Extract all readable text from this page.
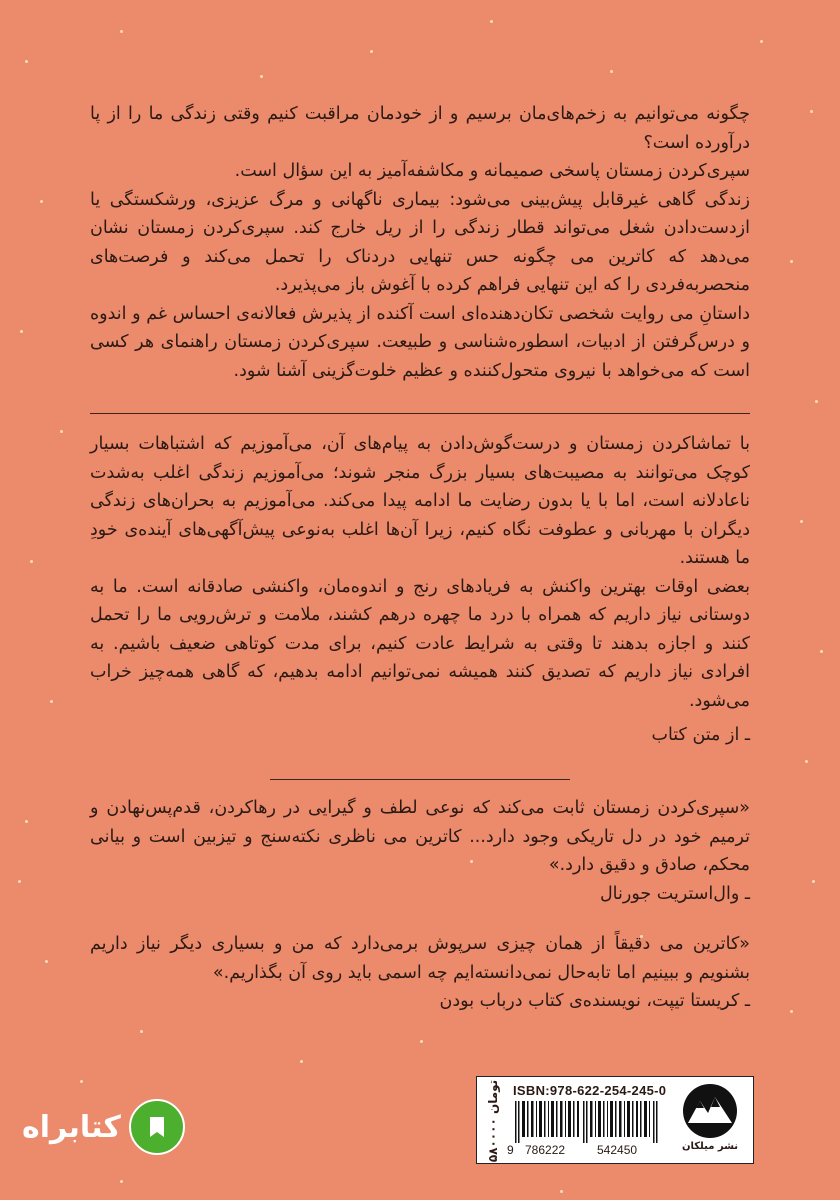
چگونه می‌توانیم به زخم‌های‌مان برسیم و از خودمان مراقبت کنیم وقتی زندگی ما را از پا درآورده است؟

سپری‌کردن زمستان پاسخی صمیمانه و مکاشفه‌آمیز به این سؤال است.

زندگی گاهی غیرقابل پیش‌بینی می‌شود: بیماری ناگهانی و مرگ عزیزی، ورشکستگی یا ازدست‌دادن شغل می‌تواند قطار زندگی را از ریل خارج کند. سپری‌کردن زمستان نشان می‌دهد که کاترین می چگونه حس تنهایی دردناک را تحمل می‌کند و فرصت‌های منحصربه‌فردی را که این تنهایی فراهم کرده با آغوش باز می‌پذیرد.

داستانِ می روایت شخصی تکان‌دهنده‌ای است آکنده از پذیرش فعالانه‌ی احساس غم و اندوه و درس‌گرفتن از ادبیات، اسطوره‌شناسی و طبیعت. سپری‌کردن زمستان راهنمای هر کسی است که می‌خواهد با نیروی متحول‌کننده و عظیم خلوت‌گزینی آشنا شود.

با تماشاکردن زمستان و درست‌گوش‌دادن به پیام‌های آن، می‌آموزیم که اشتباهات بسیار کوچک می‌توانند به مصیبت‌های بسیار بزرگ منجر شوند؛ می‌آموزیم زندگی اغلب به‌شدت ناعادلانه است، اما با یا بدون رضایت ما ادامه پیدا می‌کند. می‌آموزیم به بحران‌های زندگی دیگران با مهربانی و عطوفت نگاه کنیم، زیرا آن‌ها اغلب به‌نوعی پیش‌آگهی‌های آینده‌ی خودِ ما هستند.

بعضی اوقات بهترین واکنش به فریادهای رنج و اندوه‌مان، واکنشی صادقانه است. ما به دوستانی نیاز داریم که همراه با درد ما چهره درهم کشند، ملامت و ترش‌رویی ما را تحمل کنند و اجازه بدهند تا وقتی به شرایط عادت کنیم، برای مدت کوتاهی ضعیف باشیم. به افرادی نیاز داریم که تصدیق کنند همیشه نمی‌توانیم ادامه بدهیم، که گاهی همه‌چیز خراب می‌شود.

ـ از متن کتاب

«سپری‌کردن زمستان ثابت می‌کند که نوعی لطف و گیرایی در رهاکردن، قدم‌پس‌نهادن و ترمیم خود در دل تاریکی وجود دارد... کاترین می ناظری نکته‌سنج و تیزبین است و بیانی محکم، صادق و دقیق دارد.»

ـ وال‌استریت جورنال

«کاترین می دقیقاً از همان چیزی سرپوش برمی‌دارد که من و بسیاری دیگر نیاز داریم بشنویم و ببینیم اما تابه‌حال نمی‌دانسته‌ایم چه اسمی باید روی آن بگذاریم.»

ـ کریستا تیپت، نویسنده‌ی کتاب درباب بودن

کتابراه	۵۸۰۰۰۰ تومان ISBN:978-622-254-245-0
9 786222	542450	نشر میلکان
